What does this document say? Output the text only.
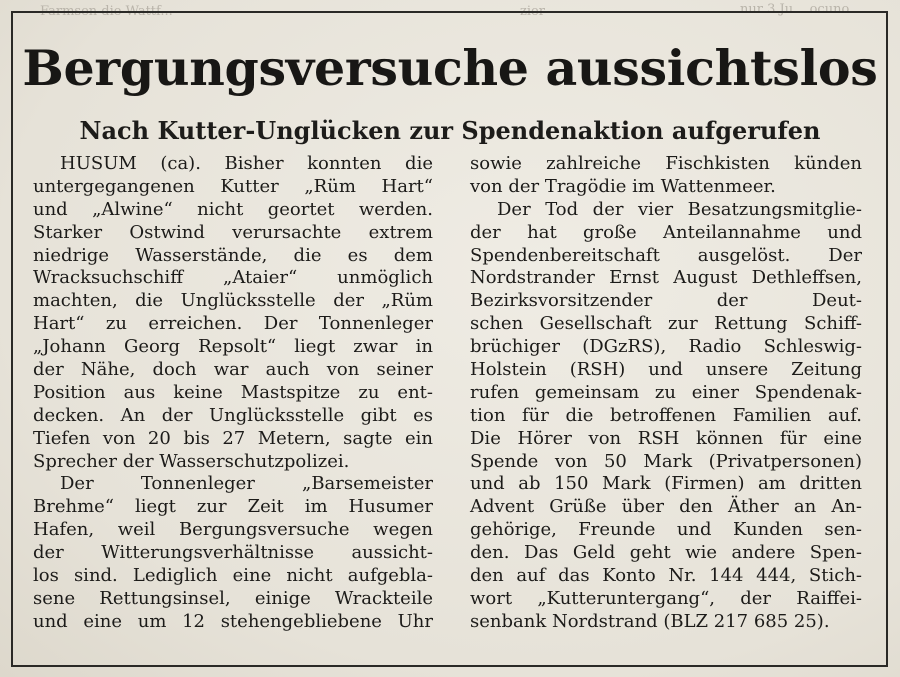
Farmsen die Wattf...	zier	nur 3 Ju... ocuno
Bergungsversuche aussichtslos
Nach Kutter-Unglücken zur Spendenaktion aufgerufen
HUSUM (ca). Bisher konnten die
untergegangenen Kutter „Rüm Hart“
und „Alwine“ nicht geortet werden.
Starker Ostwind verursachte extrem
niedrige Wasserstände, die es dem
Wracksuchschiff „Ataier“ unmöglich
machten, die Unglücksstelle der „Rüm
Hart“ zu erreichen. Der Tonnenleger
„Johann Georg Repsolt“ liegt zwar in
der Nähe, doch war auch von seiner
Position aus keine Mastspitze zu ent-
decken. An der Unglücksstelle gibt es
Tiefen von 20 bis 27 Metern, sagte ein
Sprecher der Wasserschutzpolizei.
Der Tonnenleger „Barsemeister
Brehme“ liegt zur Zeit im Husumer
Hafen, weil Bergungsversuche wegen
der Witterungsverhältnisse aussicht-
los sind. Lediglich eine nicht aufgebla-
sene Rettungsinsel, einige Wrackteile
und eine um 12 stehengebliebene Uhr
sowie zahlreiche Fischkisten künden
von der Tragödie im Wattenmeer.
Der Tod der vier Besatzungsmitglie-
der hat große Anteilannahme und
Spendenbereitschaft ausgelöst. Der
Nordstrander Ernst August Dethleffsen,
Bezirksvorsitzender der Deut-
schen Gesellschaft zur Rettung Schiff-
brüchiger (DGzRS), Radio Schleswig-
Holstein (RSH) und unsere Zeitung
rufen gemeinsam zu einer Spendenak-
tion für die betroffenen Familien auf.
Die Hörer von RSH können für eine
Spende von 50 Mark (Privatpersonen)
und ab 150 Mark (Firmen) am dritten
Advent Grüße über den Äther an An-
gehörige, Freunde und Kunden sen-
den. Das Geld geht wie andere Spen-
den auf das Konto Nr. 144 444, Stich-
wort „Kutteruntergang“, der Raiffei-
senbank Nordstrand (BLZ 217 685 25).
